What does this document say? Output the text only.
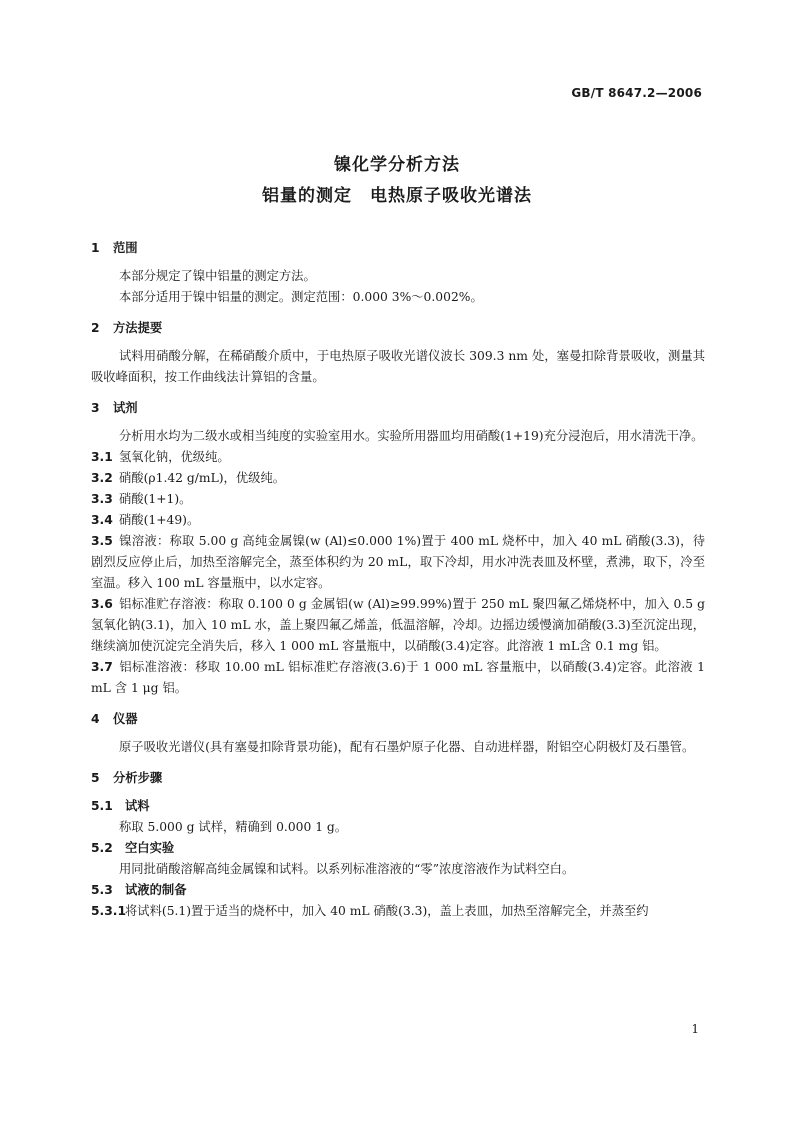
GB/T 8647.2—2006
镍化学分析方法
铝量的测定　电热原子吸收光谱法
1 范围

本部分规定了镍中铝量的测定方法。

本部分适用于镍中铝量的测定。测定范围：0.000 3%～0.002%。

2 方法提要

试料用硝酸分解，在稀硝酸介质中，于电热原子吸收光谱仪波长 309.3 nm 处，塞曼扣除背景吸收，测量其吸收峰面积，按工作曲线法计算铝的含量。

3 试剂

分析用水均为二级水或相当纯度的实验室用水。实验所用器皿均用硝酸(1+19)充分浸泡后，用水清洗干净。

3.1 氢氧化钠，优级纯。

3.2 硝酸(ρ1.42 g/mL)，优级纯。

3.3 硝酸(1+1)。

3.4 硝酸(1+49)。

3.5 镍溶液：称取 5.00 g 高纯金属镍(w (Al)≤0.000 1%)置于 400 mL 烧杯中，加入 40 mL 硝酸(3.3)，待剧烈反应停止后，加热至溶解完全，蒸至体积约为 20 mL，取下冷却，用水冲洗表皿及杯壁，煮沸，取下，冷至室温。移入 100 mL 容量瓶中，以水定容。

3.6 铝标准贮存溶液：称取 0.100 0 g 金属铝(w (Al)≥99.99%)置于 250 mL 聚四氟乙烯烧杯中，加入 0.5 g 氢氧化钠(3.1)，加入 10 mL 水，盖上聚四氟乙烯盖，低温溶解，冷却。边摇边缓慢滴加硝酸(3.3)至沉淀出现，继续滴加使沉淀完全消失后，移入 1 000 mL 容量瓶中，以硝酸(3.4)定容。此溶液 1 mL含 0.1 mg 铝。

3.7 铝标准溶液：移取 10.00 mL 铝标准贮存溶液(3.6)于 1 000 mL 容量瓶中，以硝酸(3.4)定容。此溶液 1 mL 含 1 μg 铝。

4 仪器

原子吸收光谱仪(具有塞曼扣除背景功能)，配有石墨炉原子化器、自动进样器，附铝空心阴极灯及石墨管。

5 分析步骤
5.1 试料

称取 5.000 g 试样，精确到 0.000 1 g。

5.2 空白实验

用同批硝酸溶解高纯金属镍和试料。以系列标准溶液的“零”浓度溶液作为试料空白。

5.3 试液的制备

5.3.1将试料(5.1)置于适当的烧杯中，加入 40 mL 硝酸(3.3)，盖上表皿，加热至溶解完全，并蒸至约

1
